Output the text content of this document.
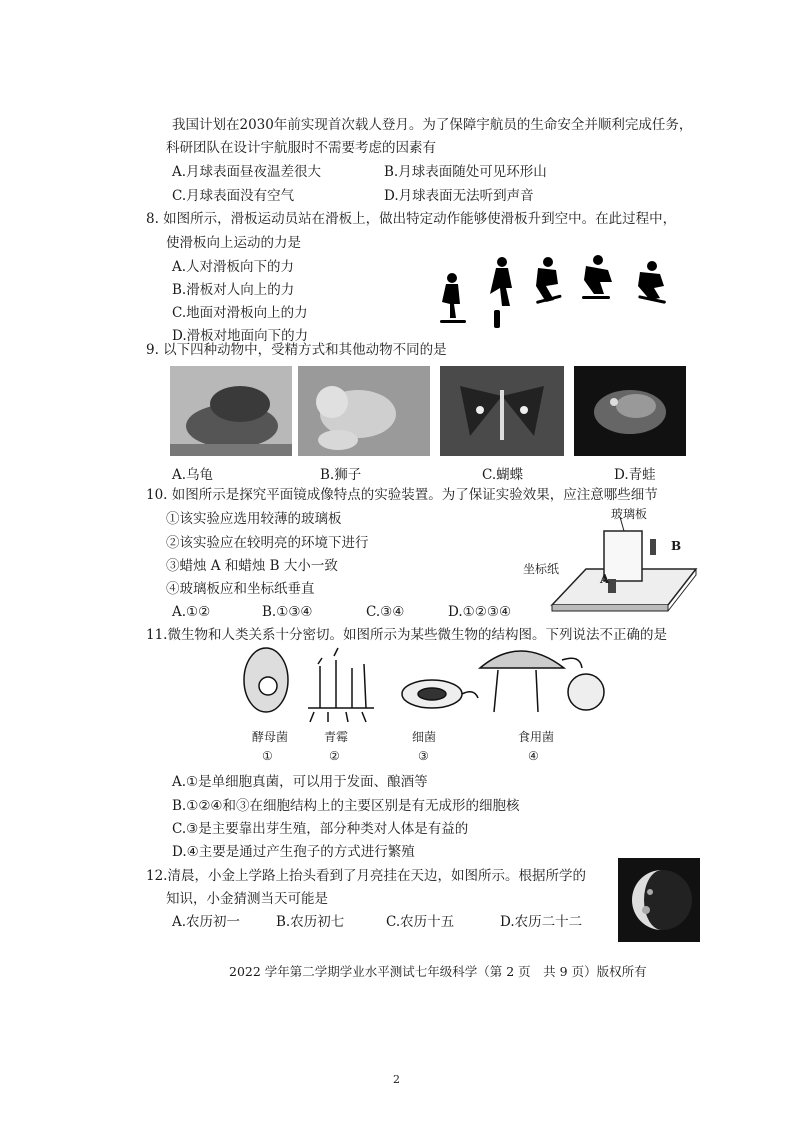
我国计划在2030年前实现首次载人登月。为了保障宇航员的生命安全并顺利完成任务，
科研团队在设计宇航服时不需要考虑的因素有
A.月球表面昼夜温差很大	B.月球表面随处可见环形山
C.月球表面没有空气	D.月球表面无法听到声音
8. 如图所示，滑板运动员站在滑板上，做出特定动作能够使滑板升到空中。在此过程中，
使滑板向上运动的力是
A.人对滑板向下的力
B.滑板对人向上的力
C.地面对滑板向上的力
D.滑板对地面向下的力
9. 以下四种动物中，受精方式和其他动物不同的是
A.乌龟	B.狮子	C.蝴蝶	D.青蛙
10. 如图所示是探究平面镜成像特点的实验装置。为了保证实验效果，应注意哪些细节
①该实验应选用较薄的玻璃板
②该实验应在较明亮的环境下进行
③蜡烛 A 和蜡烛 B 大小一致
④玻璃板应和坐标纸垂直
A.①②	B.①③④	C.③④	D.①②③④
玻璃板
坐标纸
A
B
11.微生物和人类关系十分密切。如图所示为某些微生物的结构图。下列说法不正确的是
酵母菌	青霉	细菌	食用菌
①	②	③	④
A.①是单细胞真菌，可以用于发面、酿酒等
B.①②④和③在细胞结构上的主要区别是有无成形的细胞核
C.③是主要靠出芽生殖，部分种类对人体是有益的
D.④主要是通过产生孢子的方式进行繁殖
12.清晨，小金上学路上抬头看到了月亮挂在天边，如图所示。根据所学的
知识，小金猜测当天可能是
A.农历初一	B.农历初七	C.农历十五	D.农历二十二
2022 学年第二学期学业水平测试七年级科学（第 2 页　共 9 页）版权所有
2
